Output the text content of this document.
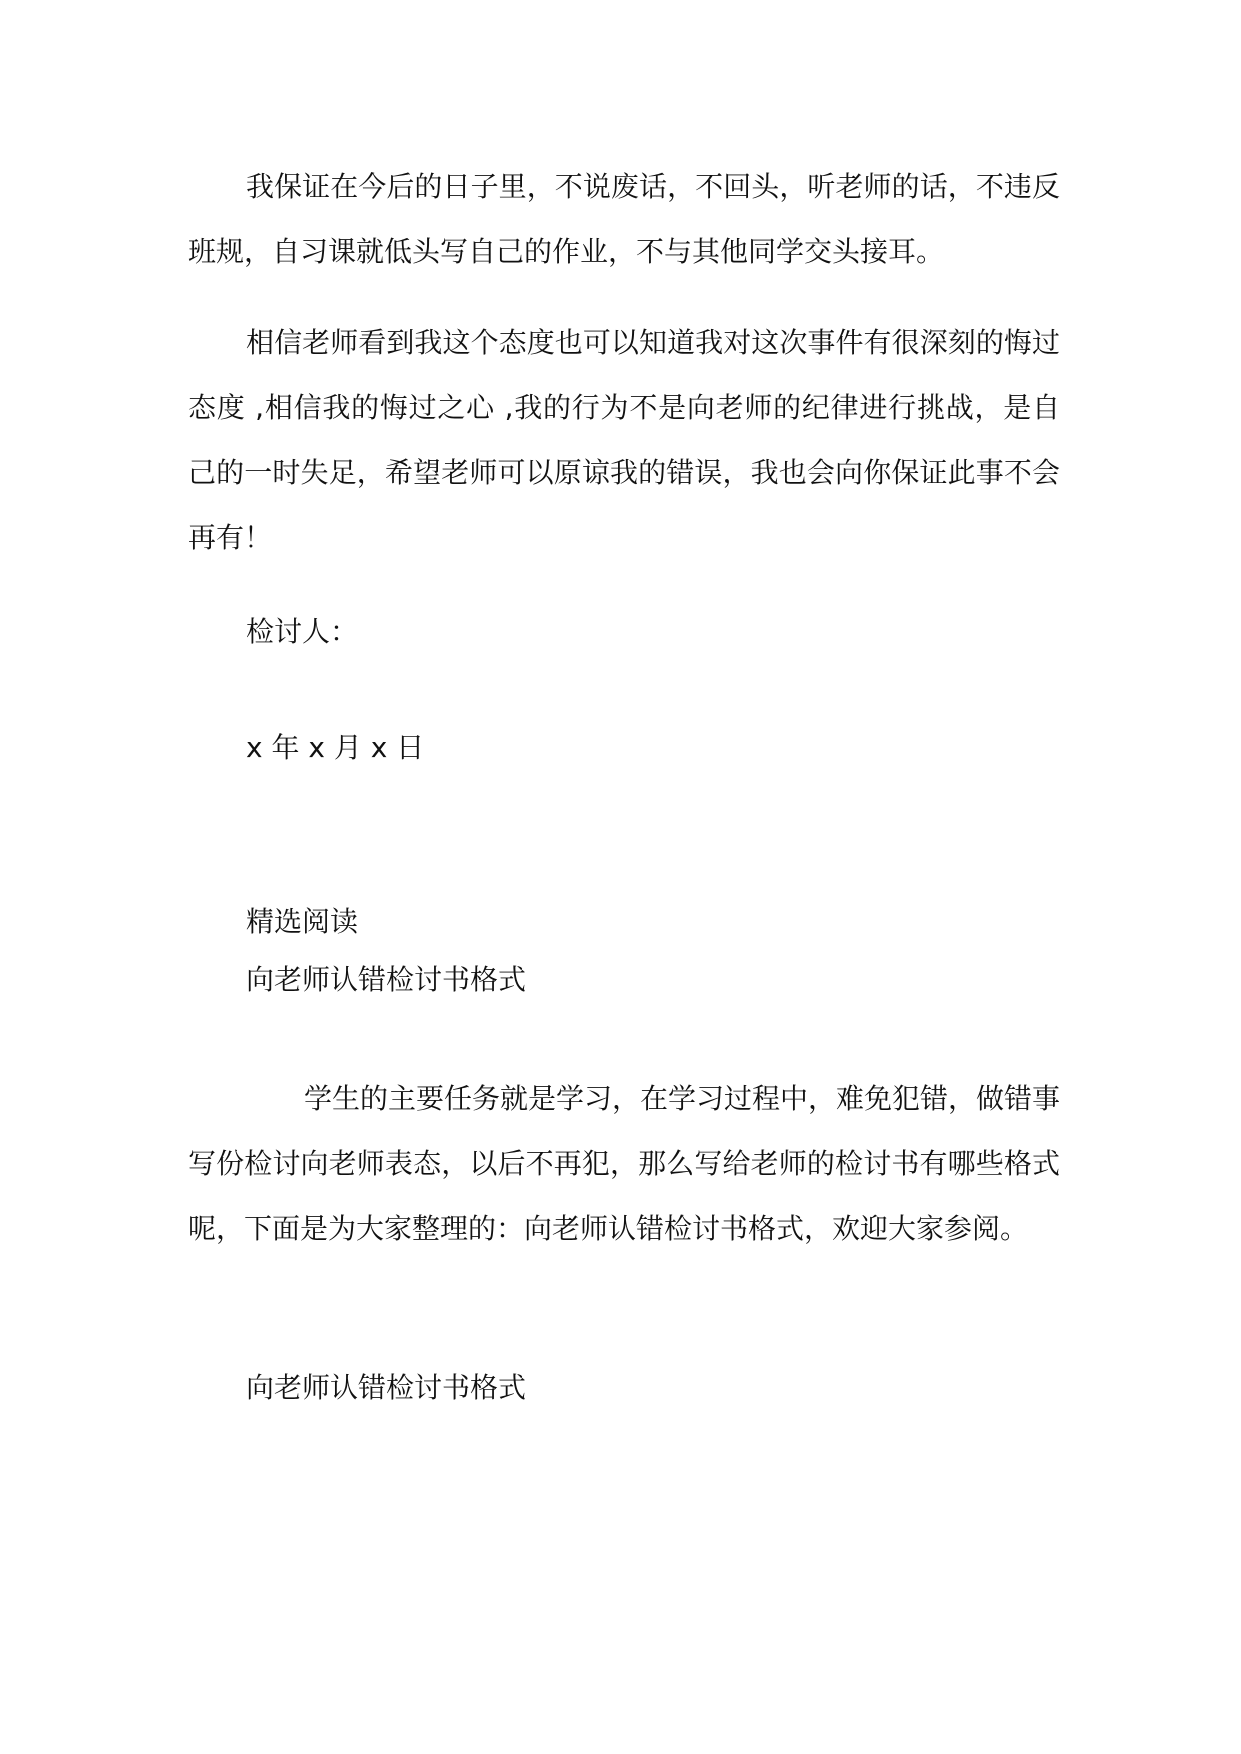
我保证在今后的日子里，不说废话，不回头，听老师的话，不违反班规，自习课就低头写自己的作业，不与其他同学交头接耳。

相信老师看到我这个态度也可以知道我对这次事件有很深刻的悔过态度 ,相信我的悔过之心 ,我的行为不是向老师的纪律进行挑战，是自己的一时失足，希望老师可以原谅我的错误，我也会向你保证此事不会再有！

检讨人：

x 年 x 月 x 日

精选阅读

向老师认错检讨书格式

学生的主要任务就是学习，在学习过程中，难免犯错，做错事写份检讨向老师表态，以后不再犯，那么写给老师的检讨书有哪些格式呢，下面是为大家整理的：向老师认错检讨书格式，欢迎大家参阅。

向老师认错检讨书格式
